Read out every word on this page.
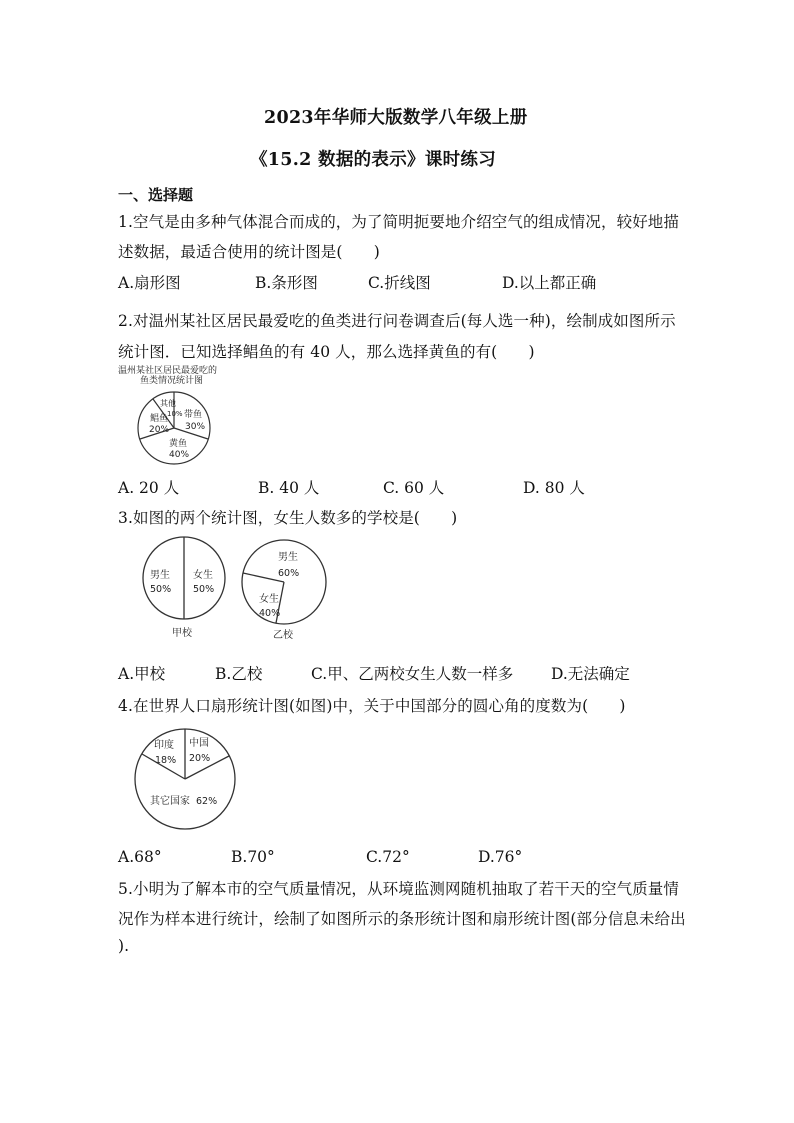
2023年华师大版数学八年级上册
《15.2 数据的表示》课时练习
一、选择题
1.空气是由多种气体混合而成的，为了简明扼要地介绍空气的组成情况，较好地描
述数据，最适合使用的统计图是(　　)
A.扇形图	B.条形图	C.折线图	D.以上都正确
2.对温州某社区居民最爱吃的鱼类进行问卷调查后(每人选一种)，绘制成如图所示
统计图．已知选择鲳鱼的有 40 人，那么选择黄鱼的有(　　)
温州某社区居民最爱吃的
鱼类情况统计图
其他
10% 带鱼
30%
鲳鱼
20%
黄鱼
40%
A. 20 人	B. 40 人	C. 60 人	D. 80 人
3.如图的两个统计图，女生人数多的学校是(　　)
男生
50%
女生
50%
甲校
男生
60%
女生
40%
乙校
A.甲校	B.乙校	C.甲、乙两校女生人数一样多 D.无法确定
4.在世界人口扇形统计图(如图)中，关于中国部分的圆心角的度数为(　　)
印度
18%
中国
20%
其它国家 62%
A.68°	B.70°	C.72°	D.76°
5.小明为了解本市的空气质量情况，从环境监测网随机抽取了若干天的空气质量情
况作为样本进行统计，绘制了如图所示的条形统计图和扇形统计图(部分信息未给出
).
